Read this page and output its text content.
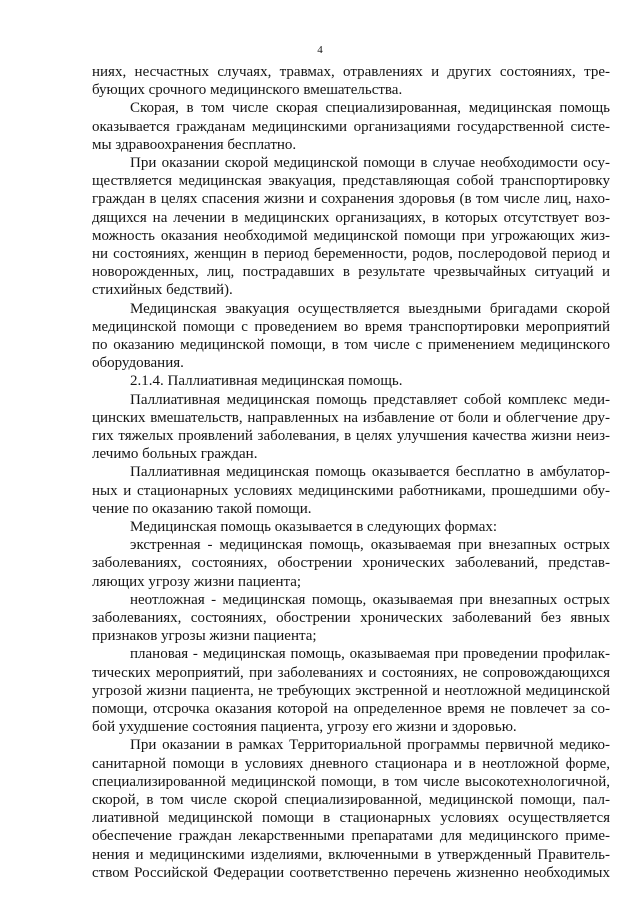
4
ниях, несчастных случаях, травмах, отравлениях и других состояниях, тре-
бующих срочного медицинского вмешательства.
Скорая, в том числе скорая специализированная, медицинская помощь
оказывается гражданам медицинскими организациями государственной систе-
мы здравоохранения бесплатно.
При оказании скорой медицинской помощи в случае необходимости осу-
ществляется медицинская эвакуация, представляющая собой транспортировку
граждан в целях спасения жизни и сохранения здоровья (в том числе лиц, нахо-
дящихся на лечении в медицинских организациях, в которых отсутствует воз-
можность оказания необходимой медицинской помощи при угрожающих жиз-
ни состояниях, женщин в период беременности, родов, послеродовой период и
новорожденных, лиц, пострадавших в результате чрезвычайных ситуаций и
стихийных бедствий).
Медицинская эвакуация осуществляется выездными бригадами скорой
медицинской помощи с проведением во время транспортировки мероприятий
по оказанию медицинской помощи, в том числе с применением медицинского
оборудования.
2.1.4. Паллиативная медицинская помощь.
Паллиативная медицинская помощь представляет собой комплекс меди-
цинских вмешательств, направленных на избавление от боли и облегчение дру-
гих тяжелых проявлений заболевания, в целях улучшения качества жизни неиз-
лечимо больных граждан.
Паллиативная медицинская помощь оказывается бесплатно в амбулатор-
ных и стационарных условиях медицинскими работниками, прошедшими обу-
чение по оказанию такой помощи.
Медицинская помощь оказывается в следующих формах:
экстренная - медицинская помощь, оказываемая при внезапных острых
заболеваниях, состояниях, обострении хронических заболеваний, представ-
ляющих угрозу жизни пациента;
неотложная - медицинская помощь, оказываемая при внезапных острых
заболеваниях, состояниях, обострении хронических заболеваний без явных
признаков угрозы жизни пациента;
плановая - медицинская помощь, оказываемая при проведении профилак-
тических мероприятий, при заболеваниях и состояниях, не сопровождающихся
угрозой жизни пациента, не требующих экстренной и неотложной медицинской
помощи, отсрочка оказания которой на определенное время не повлечет за со-
бой ухудшение состояния пациента, угрозу его жизни и здоровью.
При оказании в рамках Территориальной программы первичной медико-
санитарной помощи в условиях дневного стационара и в неотложной форме,
специализированной медицинской помощи, в том числе высокотехнологичной,
скорой, в том числе скорой специализированной, медицинской помощи, пал-
лиативной медицинской помощи в стационарных условиях осуществляется
обеспечение граждан лекарственными препаратами для медицинского приме-
нения и медицинскими изделиями, включенными в утвержденный Правитель-
ством Российской Федерации соответственно перечень жизненно необходимых
